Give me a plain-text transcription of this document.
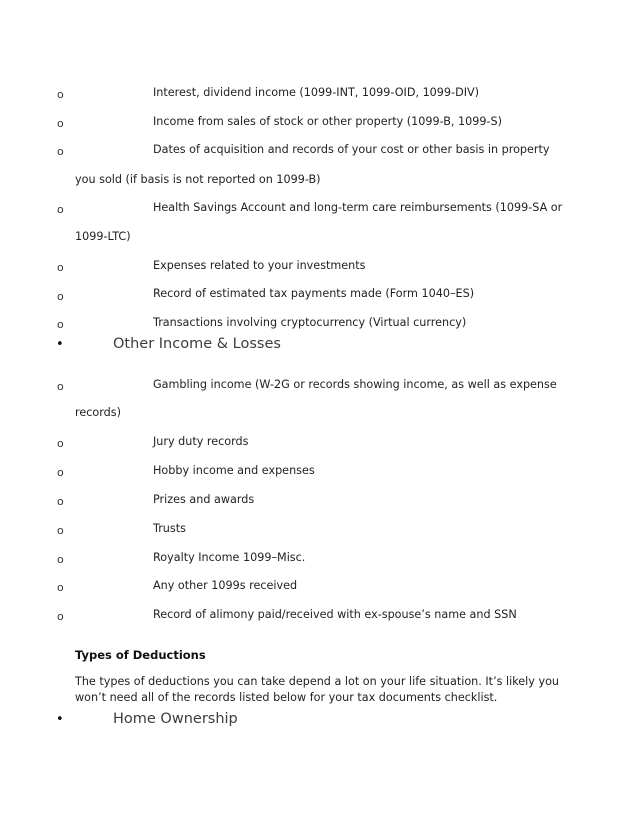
o	Interest, dividend income (1099-INT, 1099-OID, 1099-DIV)
o	Income from sales of stock or other property (1099-B, 1099-S)
o	Dates of acquisition and records of your cost or other basis in property
you sold (if basis is not reported on 1099-B)
o	Health Savings Account and long-term care reimbursements (1099-SA or
1099-LTC)
o	Expenses related to your investments
o	Record of estimated tax payments made (Form 1040–ES)
o	Transactions involving cryptocurrency (Virtual currency)
•	Other Income & Losses
o	Gambling income (W-2G or records showing income, as well as expense
records)
o	Jury duty records
o	Hobby income and expenses
o	Prizes and awards
o	Trusts
o	Royalty Income 1099–Misc.
o	Any other 1099s received
o	Record of alimony paid/received with ex-spouse’s name and SSN
Types of Deductions
The types of deductions you can take depend a lot on your life situation. It’s likely you
won’t need all of the records listed below for your tax documents checklist.
•	Home Ownership
